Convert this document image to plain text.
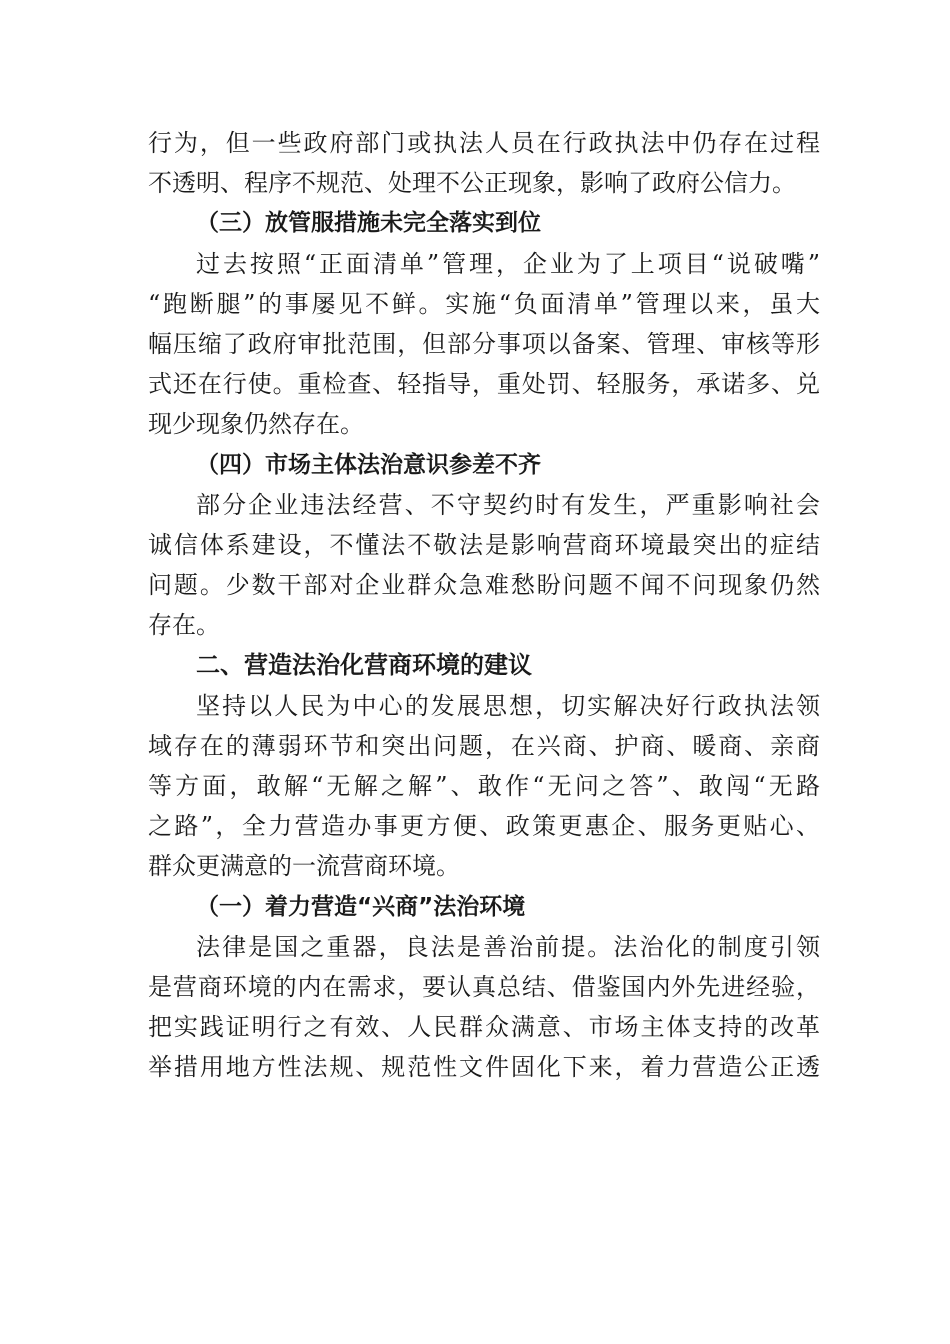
行为，但一些政府部门或执法人员在行政执法中仍存在过程
不透明、程序不规范、处理不公正现象，影响了政府公信力。
（三）放管服措施未完全落实到位
过去按照“正面清单”管理，企业为了上项目“说破嘴”
“跑断腿”的事屡见不鲜。实施“负面清单”管理以来，虽大
幅压缩了政府审批范围，但部分事项以备案、管理、审核等形
式还在行使。重检查、轻指导，重处罚、轻服务，承诺多、兑
现少现象仍然存在。
（四）市场主体法治意识参差不齐
部分企业违法经营、不守契约时有发生，严重影响社会
诚信体系建设，不懂法不敬法是影响营商环境最突出的症结
问题。少数干部对企业群众急难愁盼问题不闻不问现象仍然
存在。
二、营造法治化营商环境的建议
坚持以人民为中心的发展思想，切实解决好行政执法领
域存在的薄弱环节和突出问题，在兴商、护商、暖商、亲商
等方面，敢解“无解之解”、敢作“无问之答”、敢闯“无路
之路”，全力营造办事更方便、政策更惠企、服务更贴心、
群众更满意的一流营商环境。
（一）着力营造“兴商”法治环境
法律是国之重器，良法是善治前提。法治化的制度引领
是营商环境的内在需求，要认真总结、借鉴国内外先进经验，
把实践证明行之有效、人民群众满意、市场主体支持的改革
举措用地方性法规、规范性文件固化下来，着力营造公正透
